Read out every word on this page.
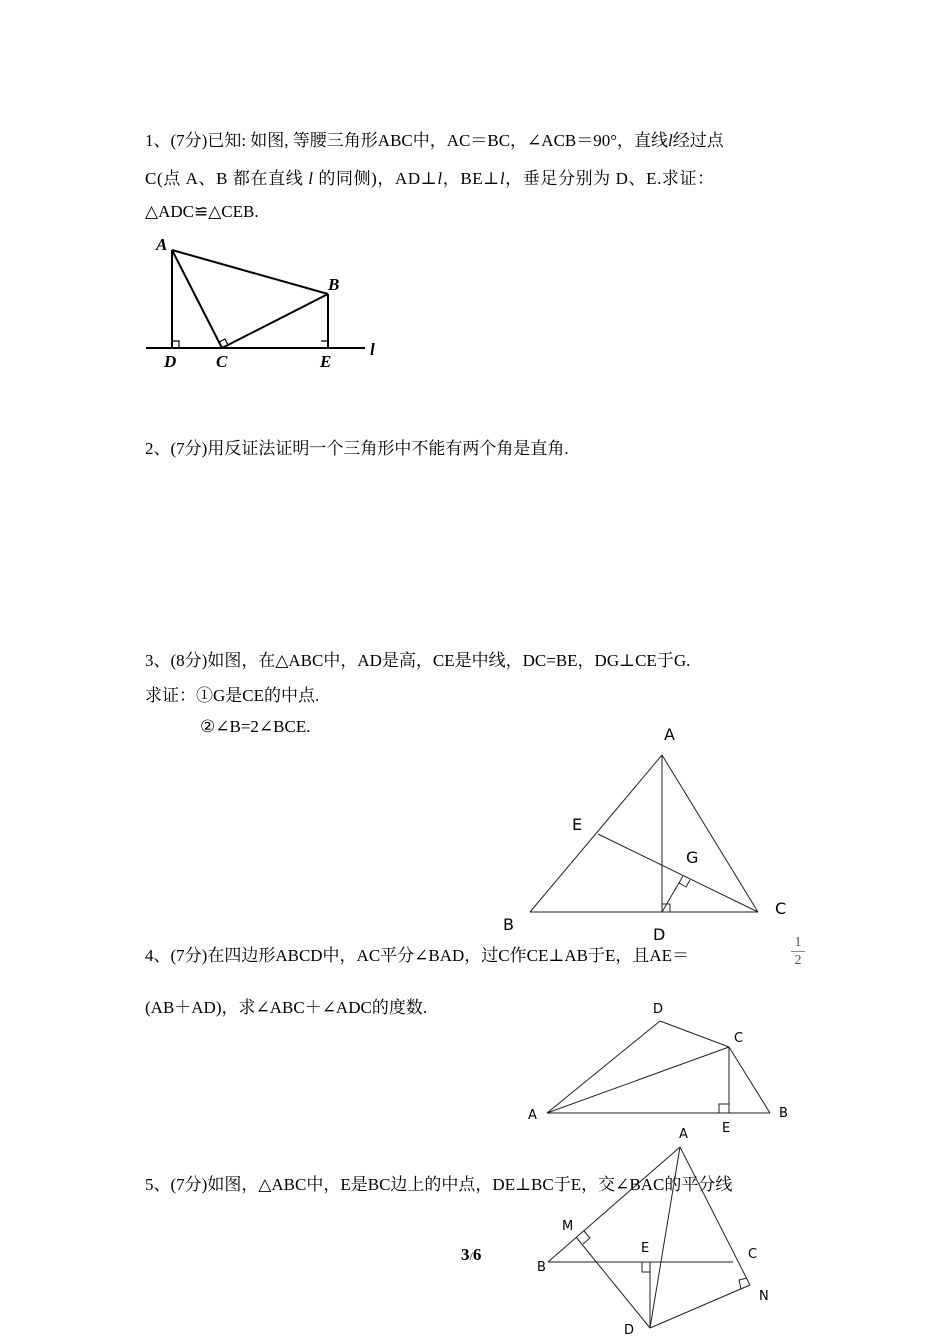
1、(7分)已知: 如图, 等腰三角形ABC中，AC＝BC，∠ACB＝90°，直线l经过点
C(点 A、B 都在直线 l 的同侧)，AD⊥l，BE⊥l，垂足分别为 D、E.求证：
△ADC≌△CEB.
2、(7分)用反证法证明一个三角形中不能有两个角是直角.
3、(8分)如图，在△ABC中，AD是高，CE是中线，DC=BE，DG⊥CE于G.
求证：①G是CE的中点.
②∠B=2∠BCE.
4、(7分)在四边形ABCD中，AC平分∠BAD，过C作CE⊥AB于E，且AE＝	$\frac{1}{2}$
(AB＋AD)，求∠ABC＋∠ADC的度数.
5、(7分)如图，△ABC中，E是BC边上的中点，DE⊥BC于E，交∠BAC的平分线
3/6
A
B
D C	E
l
A
E
G
B
D
C
D
C
A	B
E
A
M
E	C
B
N
D
